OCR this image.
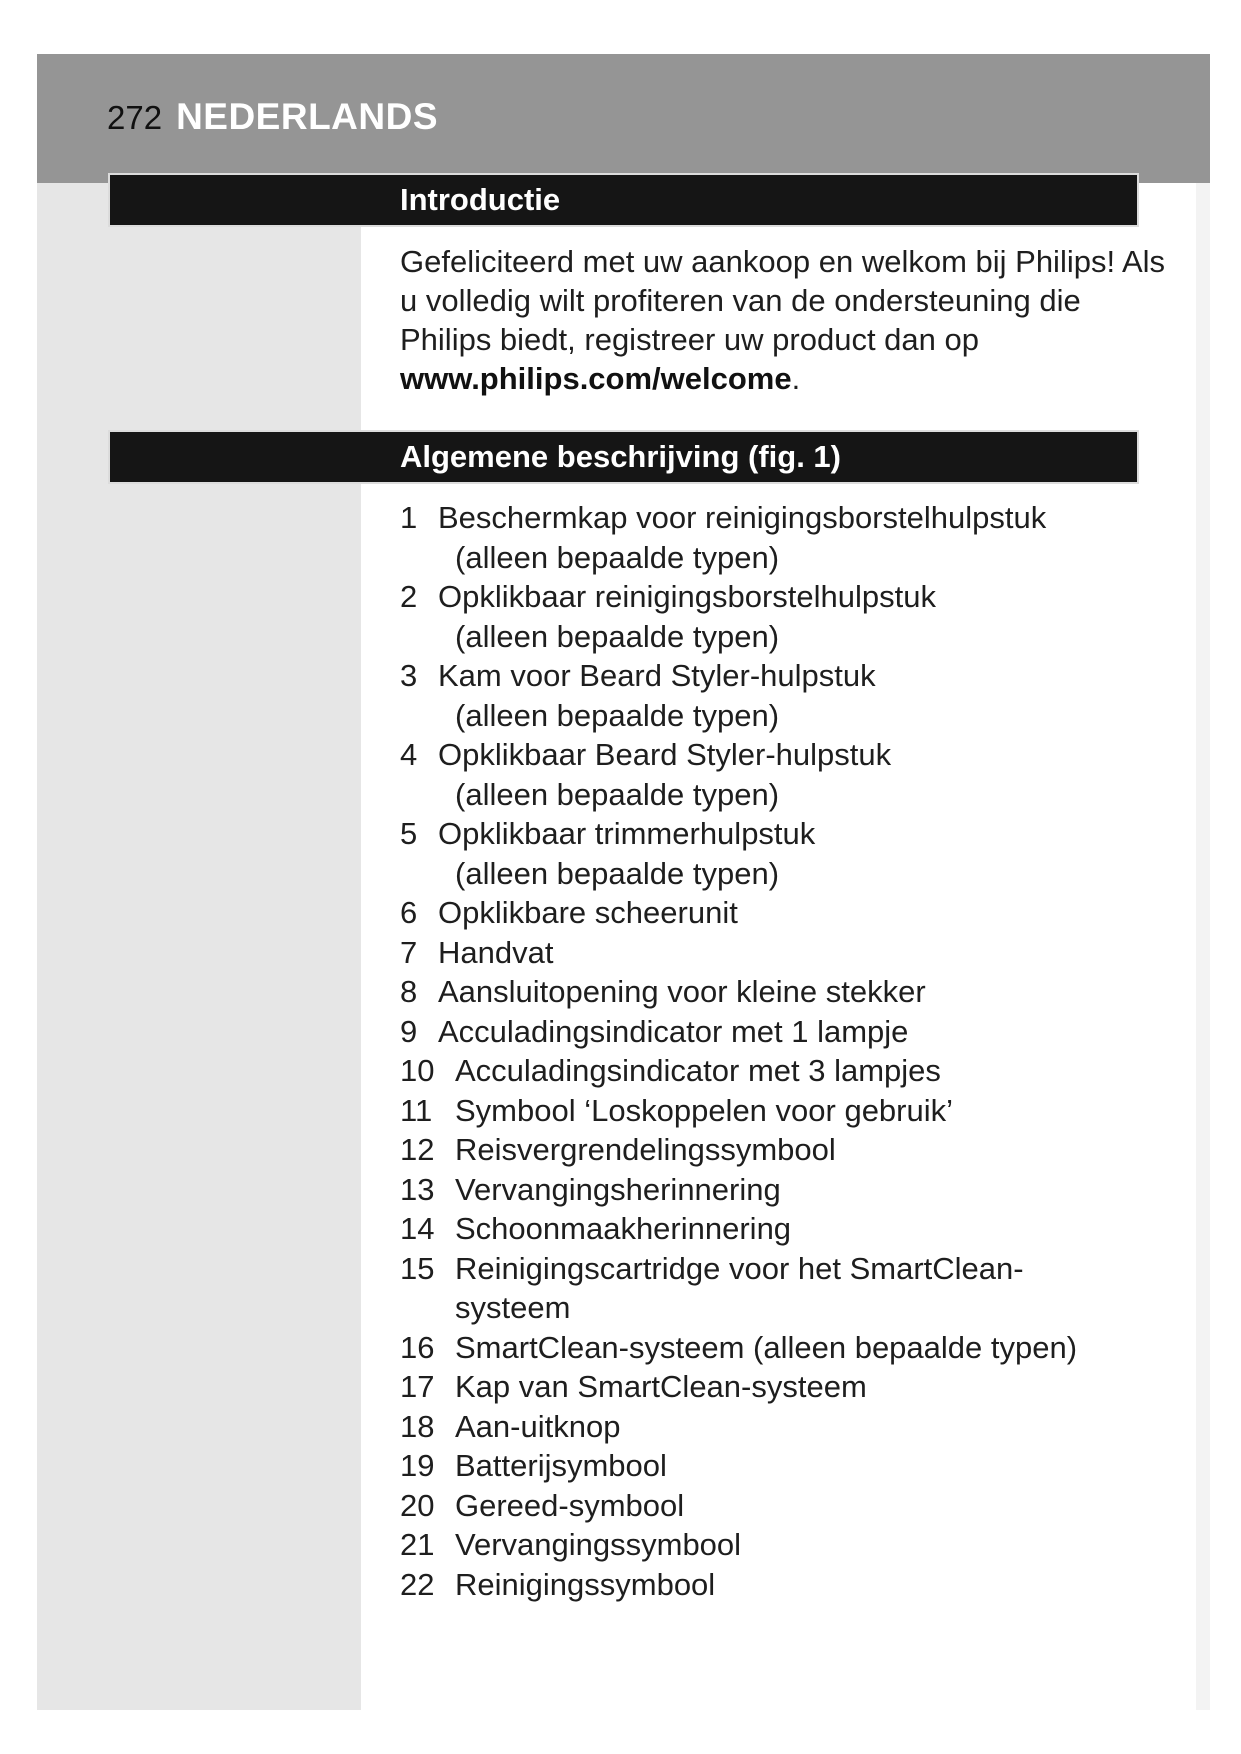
272 NEDERLANDS
Introductie

Gefeliciteerd met uw aankoop en welkom bij Philips! Als u volledig wilt profiteren van de ondersteuning die Philips biedt, registreer uw product dan op
www.philips.com/welcome.

Algemene beschrijving (fig. 1)
1 Beschermkap voor reinigingsborstelhulpstuk
(alleen bepaalde typen)
2 Opklikbaar reinigingsborstelhulpstuk
(alleen bepaalde typen)
3 Kam voor Beard Styler-hulpstuk
(alleen bepaalde typen)
4 Opklikbaar Beard Styler-hulpstuk
(alleen bepaalde typen)
5 Opklikbaar trimmerhulpstuk
(alleen bepaalde typen)
6 Opklikbare scheerunit
7 Handvat
8 Aansluitopening voor kleine stekker
9 Acculadingsindicator met 1 lampje
10 Acculadingsindicator met 3 lampjes
11 Symbool ‘Loskoppelen voor gebruik’
12 Reisvergrendelingssymbool
13 Vervangingsherinnering
14 Schoonmaakherinnering
15 Reinigingscartridge voor het SmartClean-
systeem
16 SmartClean-systeem (alleen bepaalde typen)
17 Kap van SmartClean-systeem
18 Aan-uitknop
19 Batterijsymbool
20 Gereed-symbool
21 Vervangingssymbool
22 Reinigingssymbool
